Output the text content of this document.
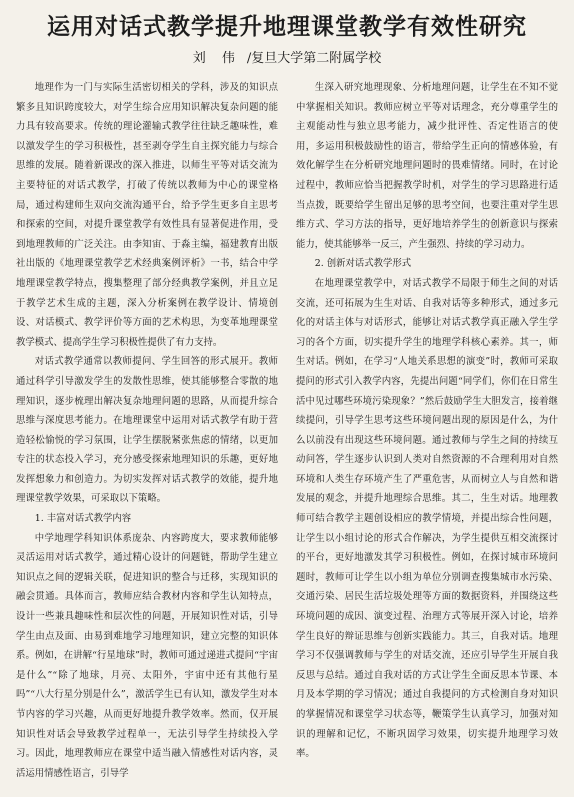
运用对话式教学提升地理课堂教学有效性研究
刘 伟 /复旦大学第二附属学校

地理作为一门与实际生活密切相关的学科，涉及的知识点繁多且知识跨度较大，对学生综合应用知识解决复杂问题的能力具有较高要求。传统的理论灌输式教学往往缺乏趣味性，难以激发学生的学习积极性，甚至剥夺学生自主探究能力与综合思维的发展。随着新课改的深入推进，以师生平等对话交流为主要特征的对话式教学，打破了传统以教师为中心的课堂格局，通过构建师生双向交流沟通平台，给予学生更多自主思考和探索的空间，对提升课堂教学有效性具有显著促进作用，受到地理教师的广泛关注。由李知宙、于淼主编，福建教育出版社出版的《地理课堂教学艺术经典案例评析》一书，结合中学地理课堂教学特点，搜集整理了部分经典教学案例，并且立足于教学艺术生成的主题，深入分析案例在教学设计、情境创设、对话模式、教学评价等方面的艺术构思，为变革地理课堂教学模式、提高学生学习积极性提供了有力支持。

对话式教学通常以教师提问、学生回答的形式展开。教师通过科学引导激发学生的发散性思维，使其能够整合零散的地理知识，逐步梳理出解决复杂地理问题的思路，从而提升综合思维与深度思考能力。在地理课堂中运用对话式教学有助于营造轻松愉悦的学习氛围，让学生摆脱紧张焦虑的情绪，以更加专注的状态投入学习，充分感受探索地理知识的乐趣，更好地发挥想象力和创造力。为切实发挥对话式教学的效能，提升地理课堂教学效果，可采取以下策略。

1. 丰富对话式教学内容

中学地理学科知识体系庞杂、内容跨度大，要求教师能够灵活运用对话式教学，通过精心设计的问题链，帮助学生建立知识点之间的逻辑关联，促进知识的整合与迁移，实现知识的融会贯通。具体而言，教师应结合教材内容和学生认知特点，设计一些兼具趣味性和层次性的问题，开展知识性对话，引导学生由点及面、由易到难地学习地理知识，建立完整的知识体系。例如，在讲解“行星地球”时，教师可通过递进式提问“宇宙是什么”“除了地球，月亮、太阳外，宇宙中还有其他行星吗”“八大行星分别是什么”，激活学生已有认知，激发学生对本节内容的学习兴趣，从而更好地提升教学效率。然而，仅开展知识性对话会导致教学过程单一，无法引导学生持续投入学习。因此，地理教师应在课堂中适当融入情感性对话内容，灵活运用情感性语言，引导学

生深入研究地理现象、分析地理问题，让学生在不知不觉中掌握相关知识。教师应树立平等对话理念，充分尊重学生的主观能动性与独立思考能力，减少批评性、否定性语言的使用，多运用积极鼓励性的语言，带给学生正向的情感体验，有效化解学生在分析研究地理问题时的畏难情绪。同时，在讨论过程中，教师应恰当把握教学时机，对学生的学习思路进行适当点拨，既要给学生留出足够的思考空间，也要注重对学生思维方式、学习方法的指导，更好地培养学生的创新意识与探索能力，使其能够举一反三，产生强烈、持续的学习动力。

2. 创新对话式教学形式

在地理课堂教学中，对话式教学不局限于师生之间的对话交流，还可拓展为生生对话、自我对话等多种形式，通过多元化的对话主体与对话形式，能够让对话式教学真正融入学生学习的各个方面，切实提升学生的地理学科核心素养。其一，师生对话。例如，在学习“人地关系思想的演变”时，教师可采取提问的形式引入教学内容，先提出问题“同学们，你们在日常生活中见过哪些环境污染现象？”然后鼓励学生大胆发言，接着继续提问，引导学生思考这些环境问题出现的原因是什么，为什么以前没有出现这些环境问题。通过教师与学生之间的持续互动问答，学生逐步认识到人类对自然资源的不合理利用对自然环境和人类生存环境产生了严重危害，从而树立人与自然和谐发展的观念，并提升地理综合思维。其二，生生对话。地理教师可结合教学主题创设相应的教学情境，并提出综合性问题，让学生以小组讨论的形式合作解决，为学生提供互相交流探讨的平台，更好地激发其学习积极性。例如，在探讨城市环境问题时，教师可让学生以小组为单位分别调查搜集城市水污染、交通污染、居民生活垃圾处理等方面的数据资料，并围绕这些环境问题的成因、演变过程、治理方式等展开深入讨论，培养学生良好的辩证思维与创新实践能力。其三，自我对话。地理学习不仅强调教师与学生的对话交流，还应引导学生开展自我反思与总结。通过自我对话的方式让学生全面反思本节课、本月及本学期的学习情况；通过自我提问的方式检测自身对知识的掌握情况和课堂学习状态等，鞭策学生认真学习，加强对知识的理解和记忆，不断巩固学习效果，切实提升地理学习效率。
